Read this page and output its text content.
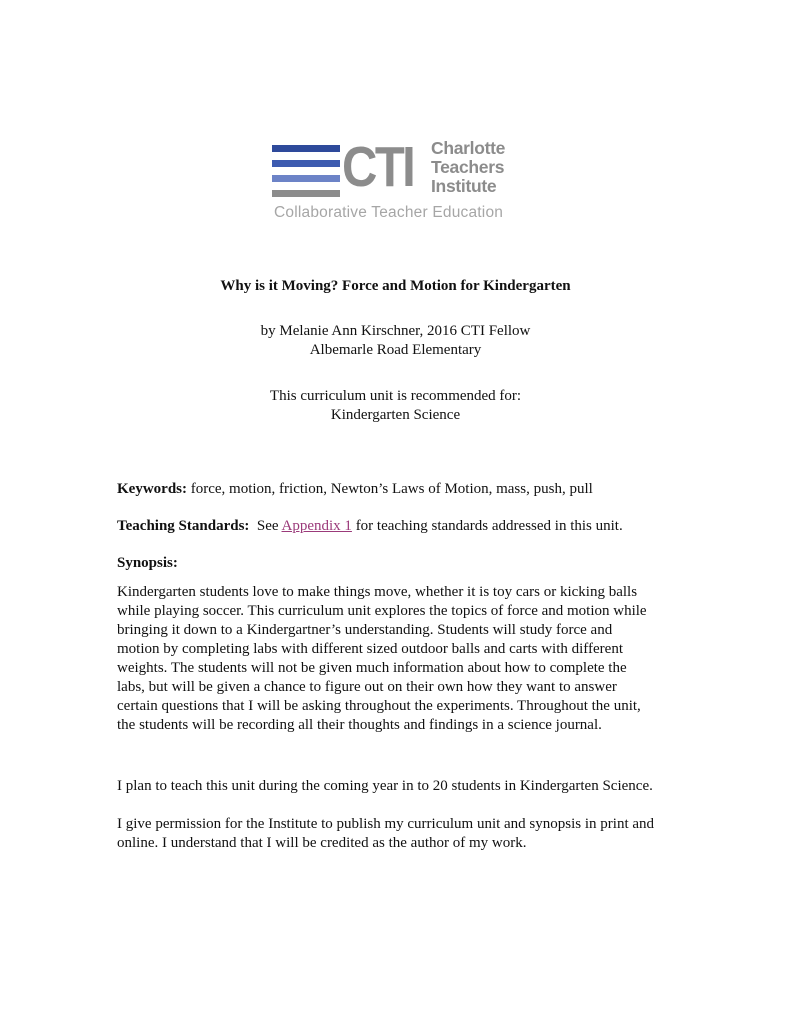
CTI Charlotte
Teachers
Institute
Collaborative Teacher Education
Why is it Moving? Force and Motion for Kindergarten
by Melanie Ann Kirschner, 2016 CTI Fellow
Albemarle Road Elementary
This curriculum unit is recommended for:
Kindergarten Science
Keywords: force, motion, friction, Newton’s Laws of Motion, mass, push, pull
Teaching Standards: See Appendix 1 for teaching standards addressed in this unit.
Synopsis:
Kindergarten students love to make things move, whether it is toy cars or kicking balls
while playing soccer. This curriculum unit explores the topics of force and motion while
bringing it down to a Kindergartner’s understanding. Students will study force and
motion by completing labs with different sized outdoor balls and carts with different
weights. The students will not be given much information about how to complete the
labs, but will be given a chance to figure out on their own how they want to answer
certain questions that I will be asking throughout the experiments. Throughout the unit,
the students will be recording all their thoughts and findings in a science journal.
I plan to teach this unit during the coming year in to 20 students in Kindergarten Science.
I give permission for the Institute to publish my curriculum unit and synopsis in print and
online. I understand that I will be credited as the author of my work.
